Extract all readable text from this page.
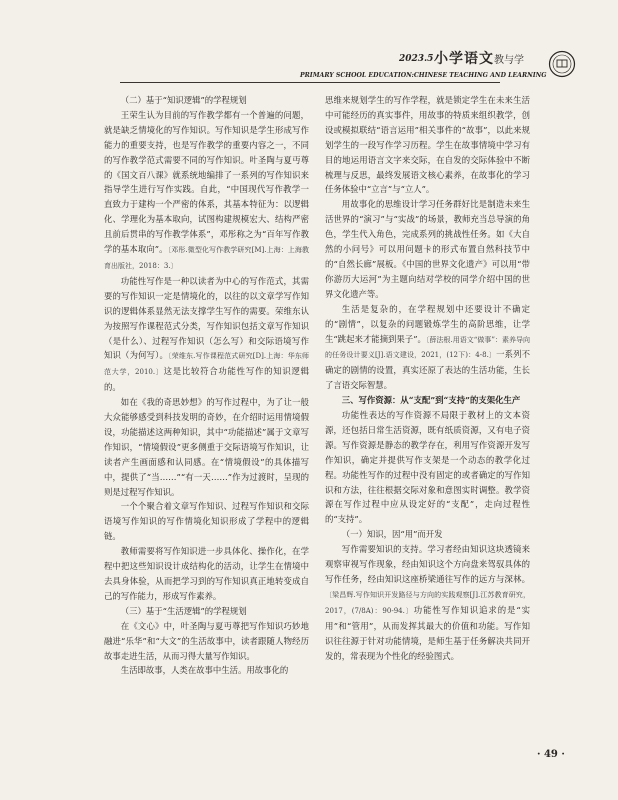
2023.5 小学语文教与学
PRIMARY SCHOOL EDUCATION:CHINESE TEACHING AND LEARNING
（二）基于“知识逻辑”的学程规划

王荣生认为目前的写作教学都有一个普遍的问题，就是缺乏情境化的写作知识。写作知识是学生形成写作能力的重要支持，也是写作教学的重要内容之一，不同的写作教学范式需要不同的写作知识。叶圣陶与夏丏尊的《国文百八课》就系统地编排了一系列的写作知识来指导学生进行写作实践。自此，“中国现代写作教学一直致力于建构一个严密的体系，其基本特征为：以逻辑化、学理化为基本取向，试图构建规模宏大、结构严密且前后贯串的写作教学体系”，邓彤称之为“百年写作教学的基本取向”。〔邓彤.微型化写作教学研究[M].上海：上海教育出版社，2018：3.〕

功能性写作是一种以读者为中心的写作范式，其需要的写作知识一定是情境化的，以往的以文章学写作知识的逻辑体系显然无法支撑学生写作的需要。荣维东认为按照写作课程范式分类，写作知识包括文章写作知识（是什么）、过程写作知识（怎么写）和交际语境写作知识（为何写）。〔荣维东.写作课程范式研究[D].上海：华东师范大学，2010.〕这是比较符合功能性写作的知识逻辑的。

如在《我的奇思妙想》的写作过程中，为了让一般大众能够感受到科技发明的奇妙，在介绍时运用情境假设，功能描述这两种知识，其中“功能描述”属于文章写作知识，“情境假设”更多侧重于交际语境写作知识，让读者产生画面感和认同感。在“情境假设”的具体描写中，提供了“当……”“有一天……”作为过渡时，呈现的则是过程写作知识。

一个个聚合着文章写作知识、过程写作知识和交际语境写作知识的写作情境化知识形成了学程中的逻辑链。

教师需要将写作知识进一步具体化、操作化，在学程中把这些知识设计成结构化的活动，让学生在情境中去具身体验，从而把学习到的写作知识真正地转变成自己的写作能力，形成写作素养。

（三）基于“生活逻辑”的学程规划

在《文心》中，叶圣陶与夏丏尊把写作知识巧妙地融进“乐华”和“大文”的生活故事中，读者跟随人物经历故事走进生活，从而习得大量写作知识。

生活即故事，人类在故事中生活。用故事化的

思维来规划学生的写作学程，就是锁定学生在未来生活中可能经历的真实事件，用故事的特质来组织教学，创设或模拟联结“语言运用”相关事件的“故事”，以此来规划学生的一段写作学习历程。学生在故事情境中学习有目的地运用语言文字来交际，在自发的交际体验中不断梳理与反思，最终发展语文核心素养，在故事化的学习任务体验中“立言”与“立人”。

用故事化的思维设计学习任务群好比是制造未来生活世界的“演习”与“实战”的场景，教师充当总导演的角色，学生代入角色，完成系列的挑战性任务。如《大自然的小问号》可以用问题卡的形式布置自然科技节中的“自然长廊”展板。《中国的世界文化遗产》可以用“带你游历大运河”为主题向结对学校的同学介绍中国的世界文化遗产等。

生活是复杂的，在学程规划中还要设计不确定的“剧情”，以复杂的问题锻炼学生的高阶思维，让学生“跳起来才能摘到果子”。〔薛法根.用语文“做事”：素养导向的任务设计要义[J].语文建设，2021，(12下)：4-8.〕一系列不确定的剧情的设置，真实还原了表达的生活功能，生长了言语交际智慧。

三、写作资源：从“支配”到“支持”的支架化生产

功能性表达的写作资源不局限于教材上的文本资源，还包括日常生活资源，既有纸质资源，又有电子资源。写作资源是静态的教学存在，利用写作资源开发写作知识，确定并提供写作支架是一个动态的教学化过程。功能性写作的过程中没有固定的或者确定的写作知识和方法，往往根据交际对象和意图实时调整。教学资源在写作过程中应从设定好的“支配”，走向过程性的“支持”。

（一）知识，因“用”而开发

写作需要知识的支持。学习者经由知识这块透镜来观察审视写作现象，经由知识这个方向盘来驾驭具体的写作任务，经由知识这座桥梁通往写作的远方与深林。〔梁昌辉.写作知识开发路径与方向的实践观察[J].江苏教育研究，2017，(7/8A)：90-94.〕功能性写作知识追求的是“实用”和“管用”，从而发挥其最大的价值和功能。写作知识往往源于针对功能情境，是师生基于任务解决共同开发的，常表现为个性化的经验图式。

· 49 ·
